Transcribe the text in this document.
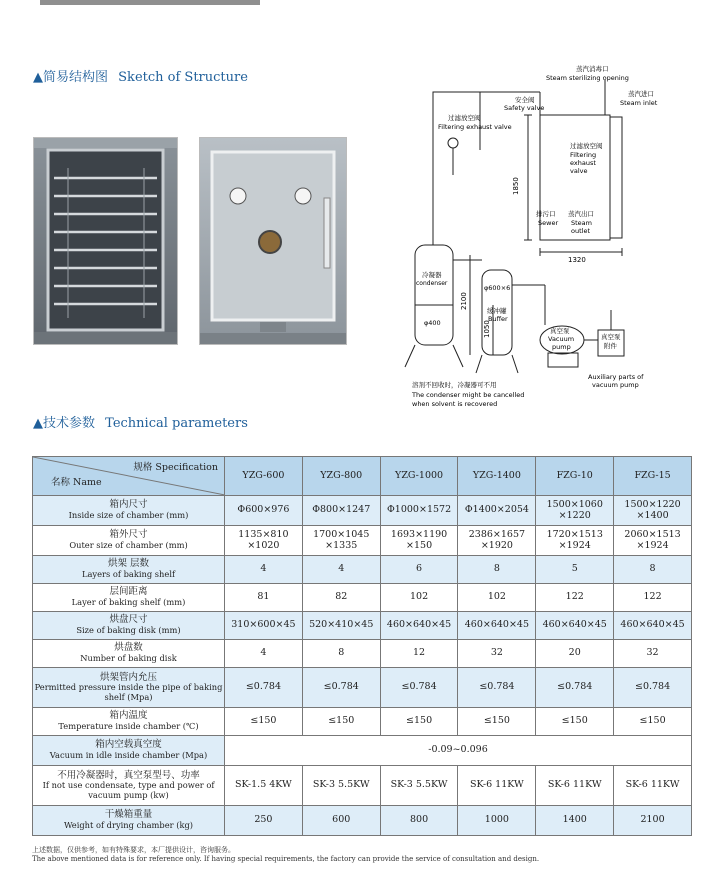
▲简易结构图 Sketch of Structure
蒸汽消毒口
Steam sterilizing opening
安全阀
Safety valve
蒸汽进口
Steam inlet
过滤放空阀
Filtering exhaust valve
过滤放空阀
Filtering
exhaust
valve
排污口
Sewer
蒸汽出口
Steam
outlet
1850
1320
2100
1050
冷凝器
condenser
φ400
φ600×6
缓冲罐
Buffer
真空泵
Vacuum
pump
真空泵
附件
Auxiliary parts of
vacuum pump
溶剂不回收时，冷凝器可不用
The condenser might be cancelled
when solvent is recovered
▲技术参数 Technical parameters
规格 Specification
名称 Name	YZG-600	YZG-800	YZG-1000	YZG-1400	FZG-10	FZG-15

箱内尺寸
Inside size of chamber (mm)	Φ600×976	Φ800×1247	Φ1000×1572	Φ1400×2054	1500×1060 ×1220	1500×1220 ×1400

箱外尺寸
Outer size of chamber (mm)	1135×810 ×1020	1700×1045 ×1335	1693×1190 ×150	2386×1657 ×1920	1720×1513 ×1924	2060×1513 ×1924

烘架 层数
Layers of baking shelf	4	4	6	8	5	8

层间距离
Layer of baking shelf (mm)	81	82	102	102	122	122

烘盘尺寸
Size of baking disk (mm)	310×600×45	520×410×45	460×640×45	460×640×45	460×640×45	460×640×45

烘盘数
Number of baking disk	4	8	12	32	20	32

烘架管内允压
Permitted pressure inside the pipe of baking shelf (Mpa)	≤0.784	≤0.784	≤0.784	≤0.784	≤0.784	≤0.784

箱内温度
Temperature inside chamber (℃)	≤150	≤150	≤150	≤150	≤150	≤150

箱内空载真空度
Vacuum in idle inside chamber (Mpa)	-0.09~0.096					

不用冷凝器时，真空泵型号、功率
If not use condensate, type and power of vacuum pump (kw)	SK-1.5 4KW	SK-3 5.5KW	SK-3 5.5KW	SK-6 11KW	SK-6 11KW	SK-6 11KW

干燥箱重量
Weight of drying chamber (kg)	250	600	800	1000	1400	2100
上述数据，仅供参考，如有特殊要求，本厂提供设计，咨询服务。
The above mentioned data is for reference only. If having special requirements, the factory can provide the service of consultation and design.
